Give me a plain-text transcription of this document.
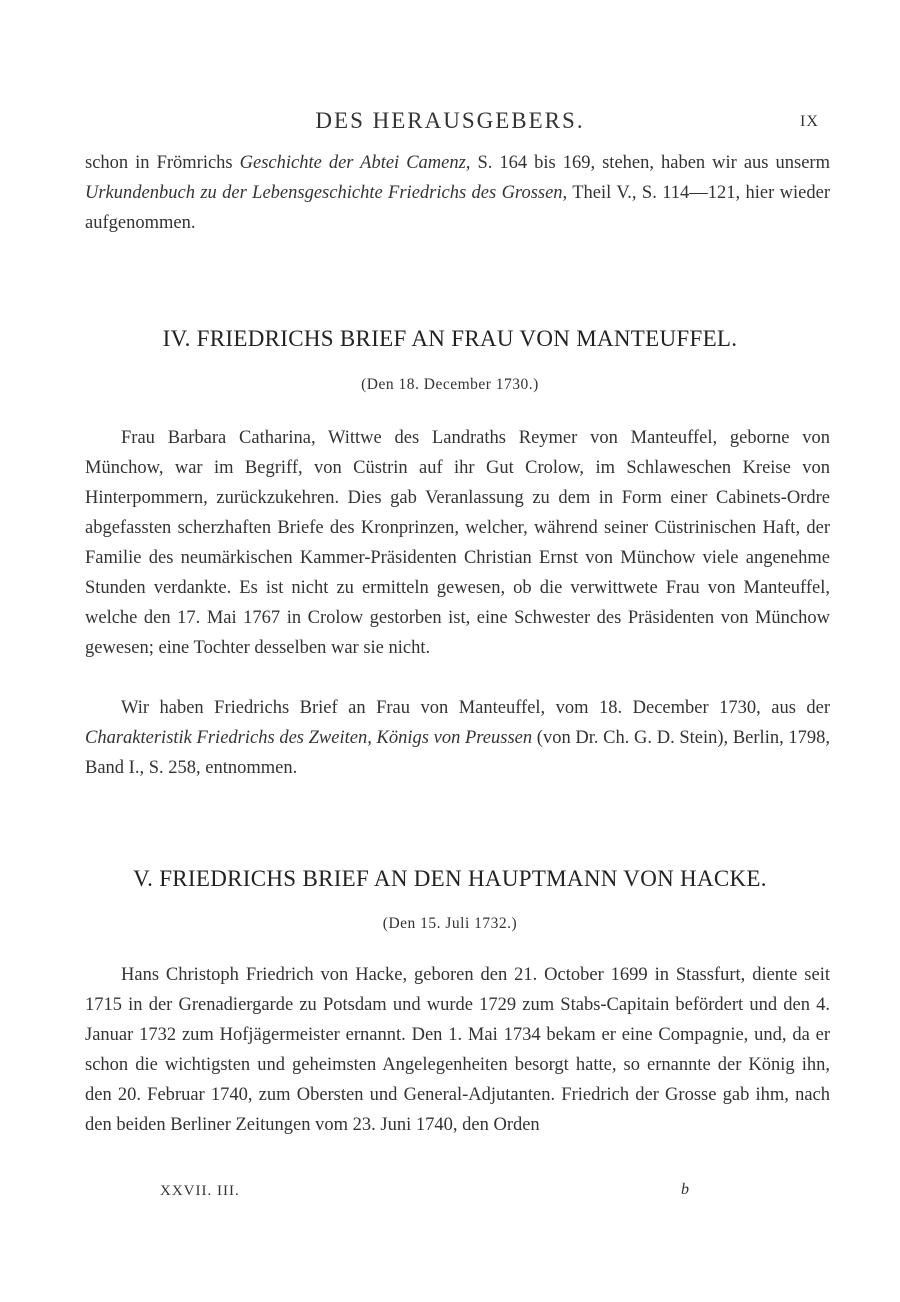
DES HERAUSGEBERS.	IX

schon in Frömrichs Geschichte der Abtei Camenz, S. 164 bis 169, stehen, haben wir aus unserm Urkundenbuch zu der Lebensgeschichte Friedrichs des Grossen, Theil V., S. 114—121, hier wieder aufgenommen.

IV. FRIEDRICHS BRIEF AN FRAU VON MANTEUFFEL.
(Den 18. December 1730.)

Frau Barbara Catharina, Wittwe des Landraths Reymer von Manteuffel, geborne von Münchow, war im Begriff, von Cüstrin auf ihr Gut Crolow, im Schlaweschen Kreise von Hinterpommern, zurückzukehren. Dies gab Veranlassung zu dem in Form einer Cabinets-Ordre abgefassten scherzhaften Briefe des Kronprinzen, welcher, während seiner Cüstrinischen Haft, der Familie des neumärkischen Kammer-Präsidenten Christian Ernst von Münchow viele angenehme Stunden verdankte. Es ist nicht zu ermitteln gewesen, ob die verwittwete Frau von Manteuffel, welche den 17. Mai 1767 in Crolow gestorben ist, eine Schwester des Präsidenten von Münchow gewesen; eine Tochter desselben war sie nicht.

Wir haben Friedrichs Brief an Frau von Manteuffel, vom 18. December 1730, aus der Charakteristik Friedrichs des Zweiten, Königs von Preussen (von Dr. Ch. G. D. Stein), Berlin, 1798, Band I., S. 258, entnommen.

V. FRIEDRICHS BRIEF AN DEN HAUPTMANN VON HACKE.
(Den 15. Juli 1732.)

Hans Christoph Friedrich von Hacke, geboren den 21. October 1699 in Stassfurt, diente seit 1715 in der Grenadiergarde zu Potsdam und wurde 1729 zum Stabs-Capitain befördert und den 4. Januar 1732 zum Hofjägermeister ernannt. Den 1. Mai 1734 bekam er eine Compagnie, und, da er schon die wichtigsten und geheimsten Angelegenheiten besorgt hatte, so ernannte der König ihn, den 20. Februar 1740, zum Obersten und General-Adjutanten. Friedrich der Grosse gab ihm, nach den beiden Berliner Zeitungen vom 23. Juni 1740, den Orden

XXVII. III.	b
